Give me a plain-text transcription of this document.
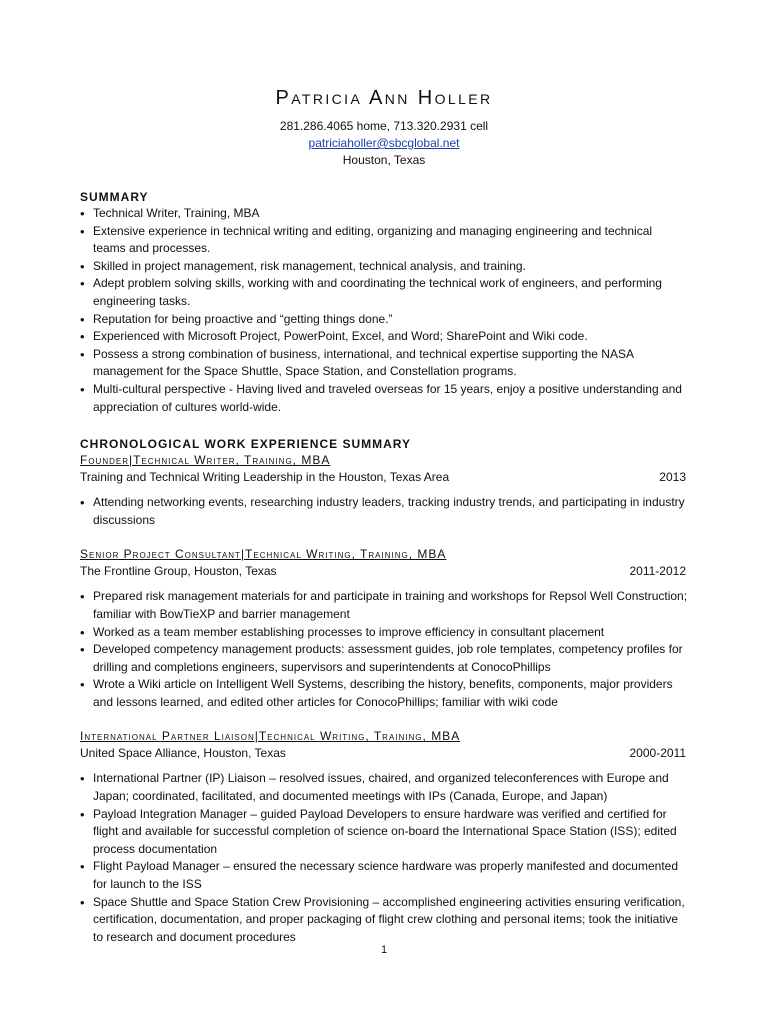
Patricia Ann Holler
281.286.4065 home, 713.320.2931 cell
patriciaholler@sbcglobal.net
Houston, Texas
SUMMARY
• Technical Writer, Training, MBA
• Extensive experience in technical writing and editing, organizing and managing engineering and technical teams and processes.
• Skilled in project management, risk management, technical analysis, and training.
• Adept problem solving skills, working with and coordinating the technical work of engineers, and performing engineering tasks.
• Reputation for being proactive and “getting things done.”
• Experienced with Microsoft Project, PowerPoint, Excel, and Word; SharePoint and Wiki code.
• Possess a strong combination of business, international, and technical expertise supporting the NASA management for the Space Shuttle, Space Station, and Constellation programs.
• Multi-cultural perspective - Having lived and traveled overseas for 15 years, enjoy a positive understanding and appreciation of cultures world-wide.
CHRONOLOGICAL WORK EXPERIENCE SUMMARY
Founder|Technical Writer, Training, MBA
Training and Technical Writing Leadership in the Houston, Texas Area	2013
• Attending networking events, researching industry leaders, tracking industry trends, and participating in industry discussions
Senior Project Consultant|Technical Writing, Training, MBA
The Frontline Group, Houston, Texas	2011-2012
• Prepared risk management materials for and participate in training and workshops for Repsol Well Construction; familiar with BowTieXP and barrier management
• Worked as a team member establishing processes to improve efficiency in consultant placement
• Developed competency management products: assessment guides, job role templates, competency profiles for drilling and completions engineers, supervisors and superintendents at ConocoPhillips
• Wrote a Wiki article on Intelligent Well Systems, describing the history, benefits, components, major providers and lessons learned, and edited other articles for ConocoPhillips; familiar with wiki code
International Partner Liaison|Technical Writing, Training, MBA
United Space Alliance, Houston, Texas	2000-2011
• International Partner (IP) Liaison – resolved issues, chaired, and organized teleconferences with Europe and Japan; coordinated, facilitated, and documented meetings with IPs (Canada, Europe, and Japan)
• Payload Integration Manager – guided Payload Developers to ensure hardware was verified and certified for flight and available for successful completion of science on-board the International Space Station (ISS); edited process documentation
• Flight Payload Manager – ensured the necessary science hardware was properly manifested and documented for launch to the ISS
• Space Shuttle and Space Station Crew Provisioning – accomplished engineering activities ensuring verification, certification, documentation, and proper packaging of flight crew clothing and personal items; took the initiative to research and document procedures
1
